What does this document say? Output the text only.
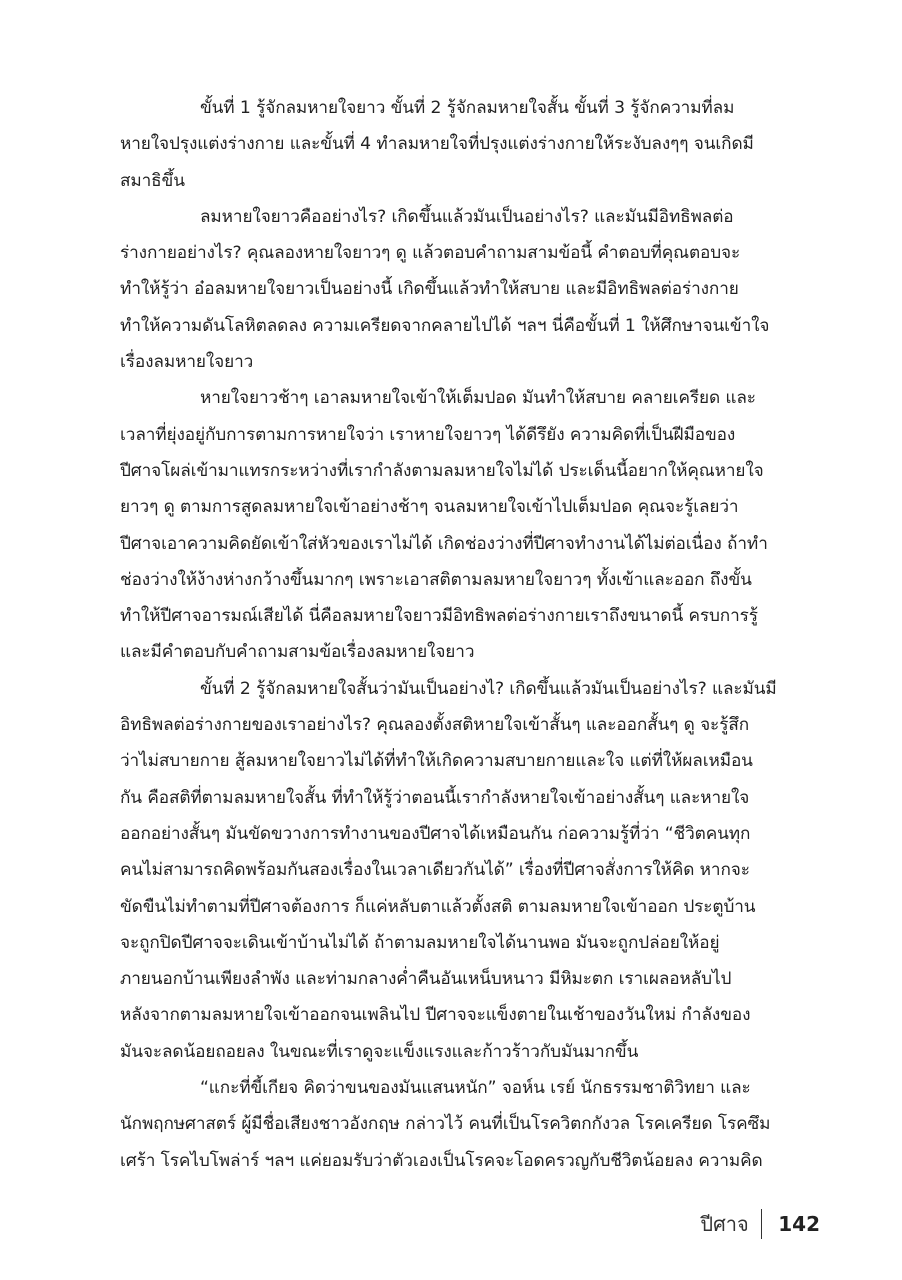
ขั้นที่ 1 รู้จักลมหายใจยาว ขั้นที่ 2 รู้จักลมหายใจสั้น ขั้นที่ 3 รู้จักความที่ลม
หายใจปรุงแต่งร่างกาย และขั้นที่ 4 ทำลมหายใจที่ปรุงแต่งร่างกายให้ระงับลงๆๆ จนเกิดมี
สมาธิขึ้น

ลมหายใจยาวคืออย่างไร? เกิดขึ้นแล้วมันเป็นอย่างไร? และมันมีอิทธิพลต่อ
ร่างกายอย่างไร? คุณลองหายใจยาวๆ ดู แล้วตอบคำถามสามข้อนี้ คำตอบที่คุณตอบจะ
ทำให้รู้ว่า อ๋อลมหายใจยาวเป็นอย่างนี้ เกิดขึ้นแล้วทำให้สบาย และมีอิทธิพลต่อร่างกาย
ทำให้ความดันโลหิตลดลง ความเครียดจากคลายไปได้ ฯลฯ นี่คือขั้นที่ 1 ให้ศึกษาจนเข้าใจ
เรื่องลมหายใจยาว

หายใจยาวช้าๆ เอาลมหายใจเข้าให้เต็มปอด มันทำให้สบาย คลายเครียด และ
เวลาที่ยุ่งอยู่กับการตามการหายใจว่า เราหายใจยาวๆ ได้ดีรึยัง ความคิดที่เป็นฝีมือของ
ปีศาจโผล่เข้ามาแทรกระหว่างที่เรากำลังตามลมหายใจไม่ได้ ประเด็นนี้อยากให้คุณหายใจ
ยาวๆ ดู ตามการสูดลมหายใจเข้าอย่างช้าๆ จนลมหายใจเข้าไปเต็มปอด คุณจะรู้เลยว่า
ปีศาจเอาความคิดยัดเข้าใส่หัวของเราไม่ได้ เกิดช่องว่างที่ปีศาจทำงานได้ไม่ต่อเนื่อง ถ้าทำ
ช่องว่างให้ง้างห่างกว้างขึ้นมากๆ เพราะเอาสติตามลมหายใจยาวๆ ทั้งเข้าและออก ถึงขั้น
ทำให้ปีศาจอารมณ์เสียได้ นี่คือลมหายใจยาวมีอิทธิพลต่อร่างกายเราถึงขนาดนี้ ครบการรู้
และมีคำตอบกับคำถามสามข้อเรื่องลมหายใจยาว

ขั้นที่ 2 รู้จักลมหายใจสั้นว่ามันเป็นอย่างไ? เกิดขึ้นแล้วมันเป็นอย่างไร? และมันมี
อิทธิพลต่อร่างกายของเราอย่างไร? คุณลองตั้งสติหายใจเข้าสั้นๆ และออกสั้นๆ ดู จะรู้สึก
ว่าไม่สบายกาย สู้ลมหายใจยาวไม่ได้ที่ทำให้เกิดความสบายกายและใจ แต่ที่ให้ผลเหมือน
กัน คือสติที่ตามลมหายใจสั้น ที่ทำให้รู้ว่าตอนนี้เรากำลังหายใจเข้าอย่างสั้นๆ และหายใจ
ออกอย่างสั้นๆ มันขัดขวางการทำงานของปีศาจได้เหมือนกัน ก่อความรู้ที่ว่า “ชีวิตคนทุก
คนไม่สามารถคิดพร้อมกันสองเรื่องในเวลาเดียวกันได้” เรื่องที่ปีศาจสั่งการให้คิด หากจะ
ขัดขืนไม่ทำตามที่ปีศาจต้องการ ก็แค่หลับตาแล้วตั้งสติ ตามลมหายใจเข้าออก ประตูบ้าน
จะถูกปิดปีศาจจะเดินเข้าบ้านไม่ได้ ถ้าตามลมหายใจได้นานพอ มันจะถูกปล่อยให้อยู่
ภายนอกบ้านเพียงลำพัง และท่ามกลางค่ำคืนอันเหน็บหนาว มีหิมะตก เราเผลอหลับไป
หลังจากตามลมหายใจเข้าออกจนเพลินไป ปีศาจจะแข็งตายในเช้าของวันใหม่ กำลังของ
มันจะลดน้อยถอยลง ในขณะที่เราดูจะแข็งแรงและก้าวร้าวกับมันมากขึ้น

“แกะที่ขี้เกียจ คิดว่าขนของมันแสนหนัก” จอห์น เรย์ นักธรรมชาติวิทยา และ
นักพฤกษศาสตร์ ผู้มีชื่อเสียงชาวอังกฤษ กล่าวไว้ คนที่เป็นโรควิตกกังวล โรคเครียด โรคซึม
เศร้า โรคไบโพล่าร์ ฯลฯ แค่ยอมรับว่าตัวเองเป็นโรคจะโอดครวญกับชีวิตน้อยลง ความคิด

ปีศาจ	142
